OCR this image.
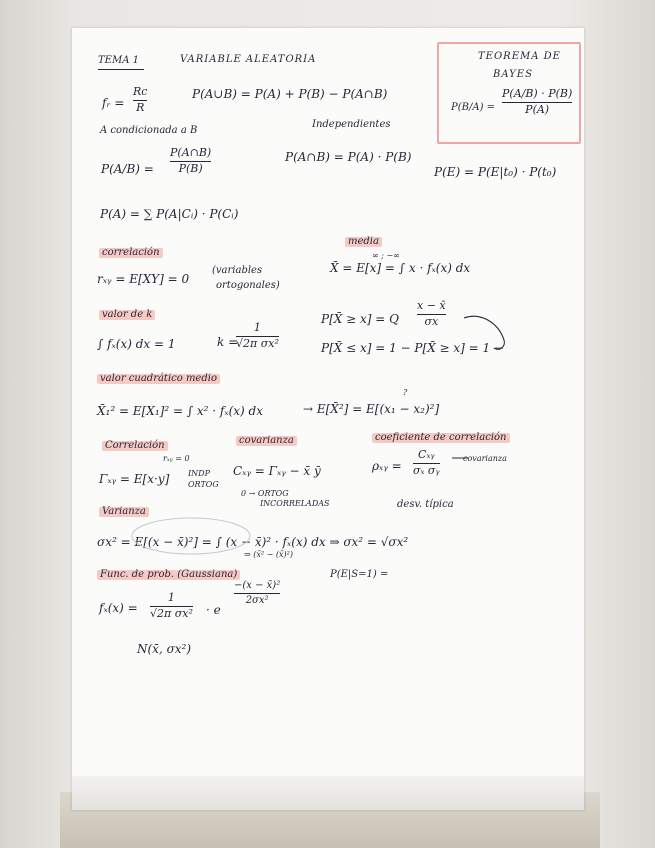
TEMA 1	VARIABLE ALEATORIA	TEOREMA DE
BAYES
P(B/A) =
P(A/B) · P(B)
P(A)
fᵣ =
Rc
R
P(A∪B) = P(A) + P(B) − P(A∩B)
A condicionada a B
Independientes
P(A/B) =
P(A∩B)
P(B)
P(A∩B) = P(A) · P(B)
P(E) = P(E|t₀) · P(t₀)
P(A) = ∑ P(A|Cᵢ) · P(Cᵢ)
correlación
rₓᵧ = E[XY] = 0
(variables
ortogonales)
media
X̄ = E[x] = ∫ x · fₓ(x) dx
∞ ; −∞
valor de k
∫ fₓ(x) dx = 1	k =
1
√2π σx²
P[X̄ ≥ x] = Q
x − x̄
σx
P[X̄ ≤ x] = 1 − P[X̄ ≥ x] = 1 −
valor cuadrático medio
?
X̄₁² = E[X₁]² = ∫ x² · fₓ(x) dx	→ E[X̄²] = E[(x₁ − x₂)²]
Correlación
rₓᵧ = 0
Γₓᵧ = E[x·y] INDP
ORTOG
covarianza
Cₓᵧ = Γₓᵧ − x̄ ȳ
0 → ORTOG
INCORRELADAS
coeficiente de correlación
ρₓᵧ =
Cₓᵧ
σₓ σᵧ
covarianza
desv. típica
Varianza
σx² = E[(x − x̄)²] = ∫ (x − x̄)² · fₓ(x) dx ⇒ σx² = √σx²
⇒ (x̄² − (x̄)²)
Func. de prob. (Gaussiana)	P(E|S=1) =
fₓ(x) =
1
√2π σx² · e
−(x − x̄)²
2σx²
N(x̄, σx²)
